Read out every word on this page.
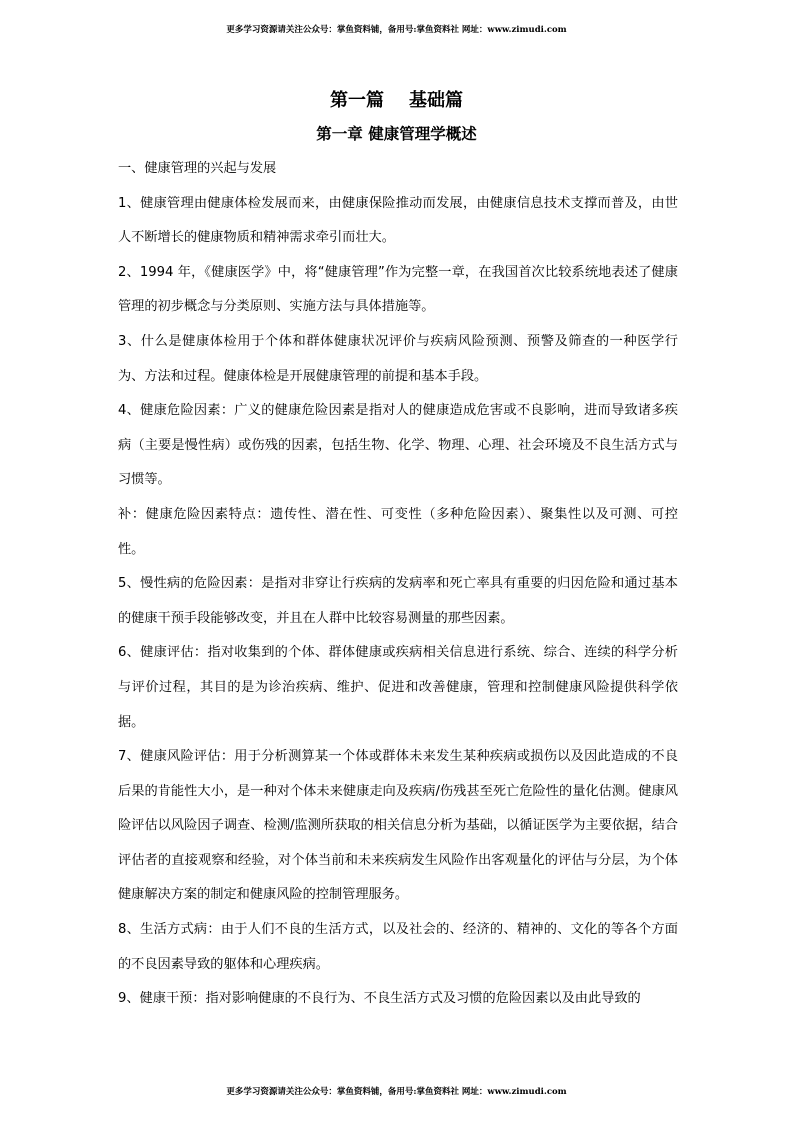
更多学习资源请关注公众号：掌鱼资料铺，备用号:掌鱼资料社 网址：www.zimudi.com
第一篇    基础篇
第一章 健康管理学概述

一、健康管理的兴起与发展

1、健康管理由健康体检发展而来，由健康保险推动而发展，由健康信息技术支撑而普及，由世人不断增长的健康物质和精神需求牵引而壮大。

2、1994 年，《健康医学》中，将“健康管理”作为完整一章，在我国首次比较系统地表述了健康管理的初步概念与分类原则、实施方法与具体措施等。

3、什么是健康体检用于个体和群体健康状况评价与疾病风险预测、预警及筛查的一种医学行为、方法和过程。健康体检是开展健康管理的前提和基本手段。

4、健康危险因素：广义的健康危险因素是指对人的健康造成危害或不良影响，进而导致诸多疾病（主要是慢性病）或伤残的因素，包括生物、化学、物理、心理、社会环境及不良生活方式与习惯等。

补：健康危险因素特点：遗传性、潜在性、可变性（多种危险因素）、聚集性以及可测、可控性。

5、慢性病的危险因素：是指对非穿让行疾病的发病率和死亡率具有重要的归因危险和通过基本的健康干预手段能够改变，并且在人群中比较容易测量的那些因素。

6、健康评估：指对收集到的个体、群体健康或疾病相关信息进行系统、综合、连续的科学分析与评价过程，其目的是为诊治疾病、维护、促进和改善健康，管理和控制健康风险提供科学依据。

7、健康风险评估：用于分析测算某一个体或群体未来发生某种疾病或损伤以及因此造成的不良后果的肯能性大小，是一种对个体未来健康走向及疾病/伤残甚至死亡危险性的量化估测。健康风险评估以风险因子调查、检测/监测所获取的相关信息分析为基础，以循证医学为主要依据，结合评估者的直接观察和经验，对个体当前和未来疾病发生风险作出客观量化的评估与分层，为个体健康解决方案的制定和健康风险的控制管理服务。

8、生活方式病：由于人们不良的生活方式，以及社会的、经济的、精神的、文化的等各个方面的不良因素导致的躯体和心理疾病。

9、健康干预：指对影响健康的不良行为、不良生活方式及习惯的危险因素以及由此导致的

更多学习资源请关注公众号：掌鱼资料铺，备用号:掌鱼资料社 网址：www.zimudi.com
